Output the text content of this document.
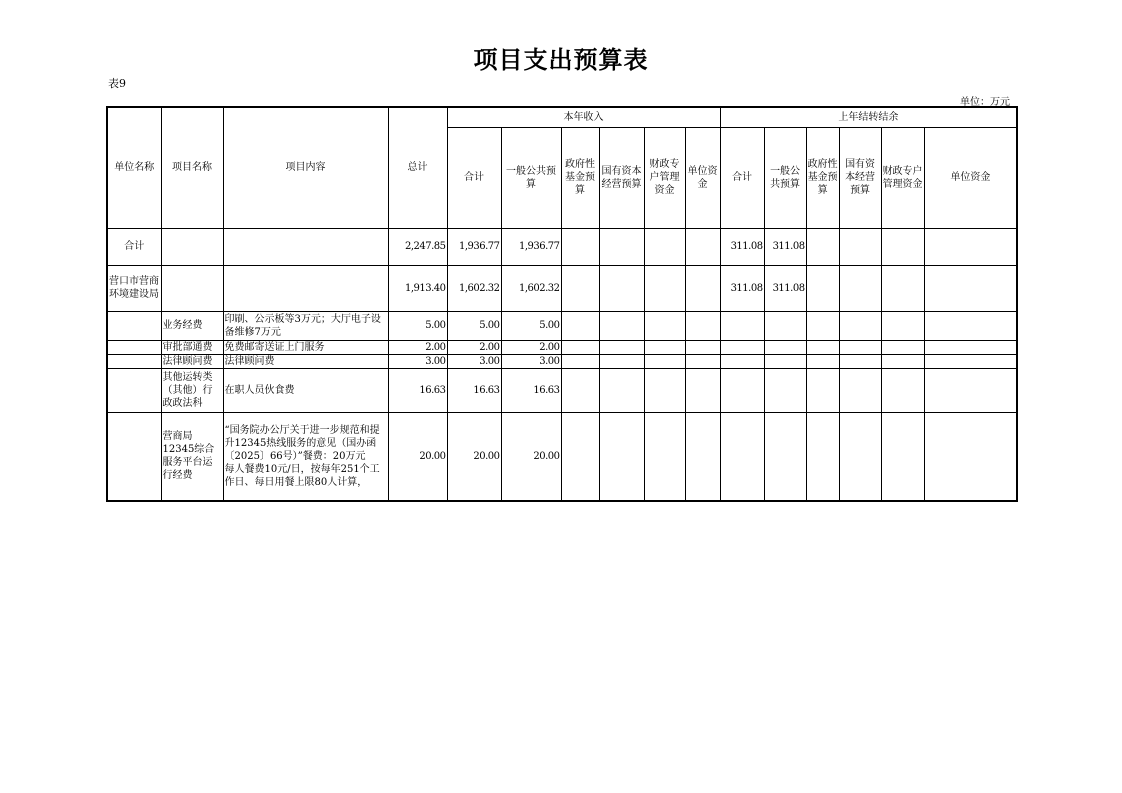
项目支出预算表
表9
单位：万元
单位名称	项目名称	项目内容	总计	本年收入						上年结转结余					
				合计	一般公共预算	政府性基金预算	国有资本经营预算	财政专户管理资金	单位资金	合计	一般公共预算	政府性基金预算	国有资本经营预算	财政专户管理资金	单位资金
合计			2,247.85	1,936.77	1,936.77					311.08	311.08				
营口市营商环境建设局			1,913.40	1,602.32	1,602.32					311.08	311.08				
	业务经费	印刷、公示板等3万元；大厅电子设备维修7万元	5.00	5.00	5.00										
	审批部通费	免费邮寄送证上门服务	2.00	2.00	2.00										
	法律顾问费	法律顾问费	3.00	3.00	3.00										
	其他运转类（其他）行政政法科	在职人员伙食费	16.63	16.63	16.63										
	营商局12345综合服务平台运行经费	“国务院办公厅关于进一步规范和提升12345热线服务的意见（国办函〔2025〕66号）”餐费：20万元
每人餐费10元/日，按每年251个工作日、每日用餐上限80人计算，	20.00	20.00	20.00										
